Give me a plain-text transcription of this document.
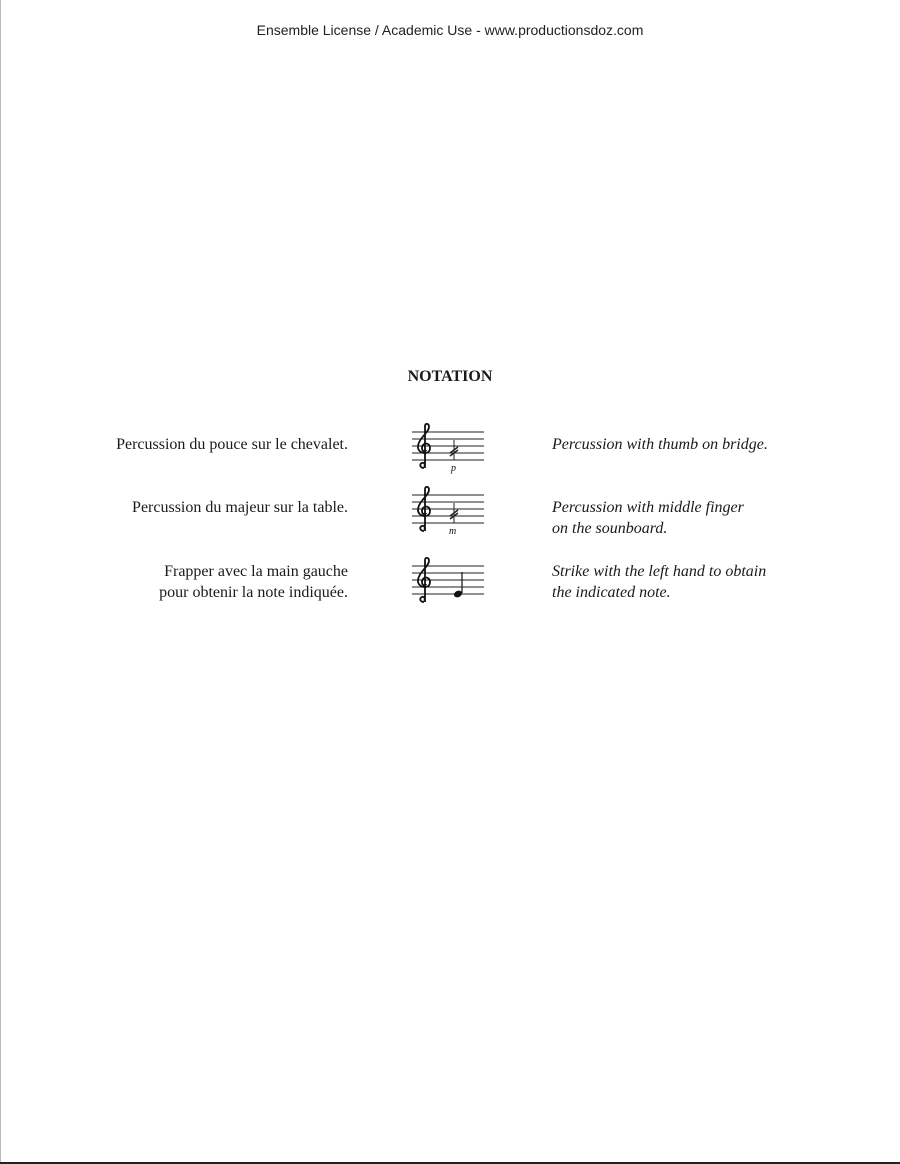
Ensemble License / Academic Use - www.productionsdoz.com
NOTATION
Percussion du pouce sur le chevalet.
p
Percussion with thumb on bridge.
Percussion du majeur sur la table.
m
Percussion with middle finger
on the sounboard.
Frapper avec la main gauche
pour obtenir la note indiquée.
Strike with the left hand to obtain
the indicated note.
